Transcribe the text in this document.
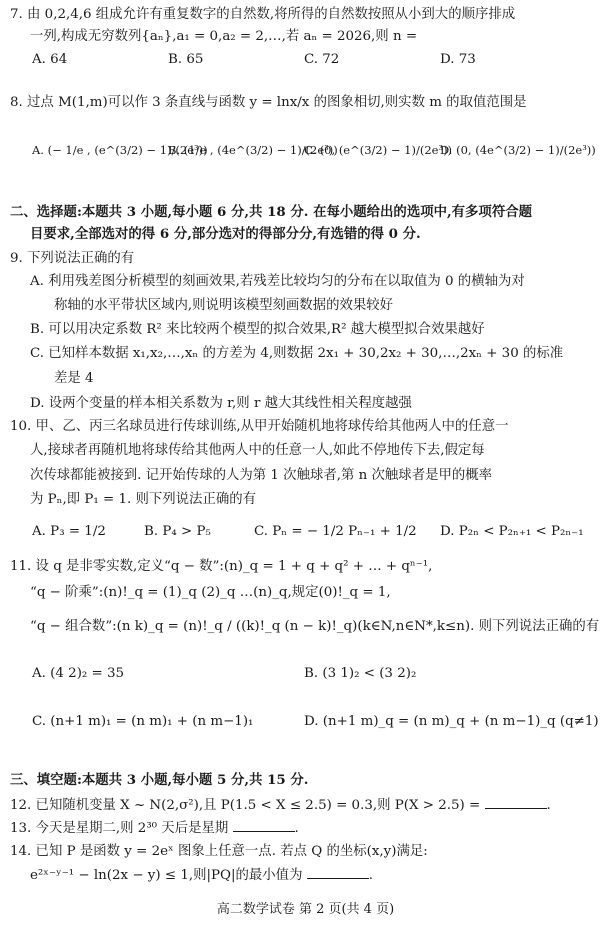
7. 由 0,2,4,6 组成允许有重复数字的自然数,将所得的自然数按照从小到大的顺序排成
一列,构成无穷数列{aₙ},a₁ = 0,a₂ = 2,…,若 aₙ = 2026,则 n =
A. 64	B. 65	C. 72	D. 73
8. 过点 M(1,m)可以作 3 条直线与函数 y = lnx/x 的图象相切,则实数 m 的取值范围是
A. (− 1/e , (e^(3/2) − 1)/(2e³))
B. (1/e , (4e^(3/2) − 1)/(2e³))
C. (0, (e^(3/2) − 1)/(2e³))
D. (0, (4e^(3/2) − 1)/(2e³))
二、选择题:本题共 3 小题,每小题 6 分,共 18 分. 在每小题给出的选项中,有多项符合题
目要求,全部选对的得 6 分,部分选对的得部分分,有选错的得 0 分.
9. 下列说法正确的有
A. 利用残差图分析模型的刻画效果,若残差比较均匀的分布在以取值为 0 的横轴为对
称轴的水平带状区域内,则说明该模型刻画数据的效果较好
B. 可以用决定系数 R² 来比较两个模型的拟合效果,R² 越大模型拟合效果越好
C. 已知样本数据 x₁,x₂,…,xₙ 的方差为 4,则数据 2x₁ + 30,2x₂ + 30,…,2xₙ + 30 的标准
差是 4
D. 设两个变量的样本相关系数为 r,则 r 越大其线性相关程度越强
10. 甲、乙、丙三名球员进行传球训练,从甲开始随机地将球传给其他两人中的任意一
人,接球者再随机地将球传给其他两人中的任意一人,如此不停地传下去,假定每
次传球都能被接到. 记开始传球的人为第 1 次触球者,第 n 次触球者是甲的概率
为 Pₙ,即 P₁ = 1. 则下列说法正确的有
A. P₃ = 1/2	B. P₄ > P₅	C. Pₙ = − 1/2 Pₙ₋₁ + 1/2 D. P₂ₙ < P₂ₙ₊₁ < P₂ₙ₋₁
11. 设 q 是非零实数,定义“q − 数”:(n)_q = 1 + q + q² + … + qⁿ⁻¹,
“q − 阶乘”:(n)!_q = (1)_q (2)_q …(n)_q,规定(0)!_q = 1,
“q − 组合数”:(n k)_q = (n)!_q / ((k)!_q (n − k)!_q)(k∈N,n∈N*,k≤n). 则下列说法正确的有
A. (4 2)₂ = 35	B. (3 1)₂ < (3 2)₂
C. (n+1 m)₁ = (n m)₁ + (n m−1)₁	D. (n+1 m)_q = (n m)_q + (n m−1)_q (q≠1)
三、填空题:本题共 3 小题,每小题 5 分,共 15 分.
12. 已知随机变量 X ~ N(2,σ²),且 P(1.5 < X ≤ 2.5) = 0.3,则 P(X > 2.5) =	.
13. 今天是星期二,则 2³⁰ 天后是星期	.
14. 已知 P 是函数 y = 2eˣ 图象上任意一点. 若点 Q 的坐标(x,y)满足:
e²ˣ⁻ʸ⁻¹ − ln(2x − y) ≤ 1,则|PQ|的最小值为	.
高二数学试卷 第 2 页(共 4 页)
